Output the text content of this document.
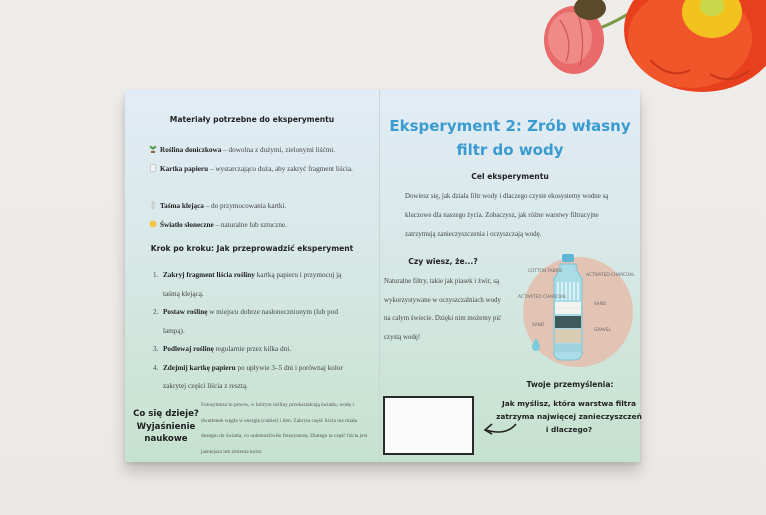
Materiały potrzebne do eksperymentu
Roślina doniczkowa – dowolna z dużymi, zielonymi liśćmi.
Kartka papieru – wystarczająco duża, aby zakryć fragment liścia.
Taśma klejąca – do przymocowania kartki.
Światło słoneczne – naturalne lub sztuczne.
Krok po kroku: Jak przeprowadzić eksperyment
1. Zakryj fragment liścia rośliny kartką papieru i przymocuj ją taśmą klejącą.
2. Postaw roślinę w miejscu dobrze nasłonecznionym (lub pod lampą).
3. Podlewaj roślinę regularnie przez kilka dni.
4. Zdejmij kartkę papieru po upływie 3–5 dni i porównaj kolor zakrytej części liścia z resztą.
Co się dzieje? Wyjaśnienie naukowe
Fotosynteza to proces, w którym rośliny przekształcają światło, wodę i dwutlenek węgla w energię (cukier) i tlen. Zakryta część liścia nie miała dostępu do światła, co uniemożliwiło fotosyntezę. Dlatego ta część liścia jest jaśniejsza lub zmienia kolor.
Eksperyment 2: Zrób własny filtr do wody
Cel eksperymentu
Dowiesz się, jak działa filtr wody i dlaczego czyste ekosystemy wodne są kluczowe dla naszego życia. Zobaczysz, jak różne warstwy filtracyjne zatrzymują zanieczyszczenia i oczyszczają wodę.
Czy wiesz, że...?
Naturalne filtry, takie jak piasek i żwir, są wykorzystywane w oczyszczalniach wody na całym świecie. Dzięki nim możemy pić czystą wodę!
COTTON FABRIC
ACTIVATED CHARCOAL
SAND
ACTIVATED CHARCOAL
SAND
GRAVEL
Twoje przemyślenia:
Jak myślisz, która warstwa filtra zatrzyma najwięcej zanieczyszczeń i dlaczego?
